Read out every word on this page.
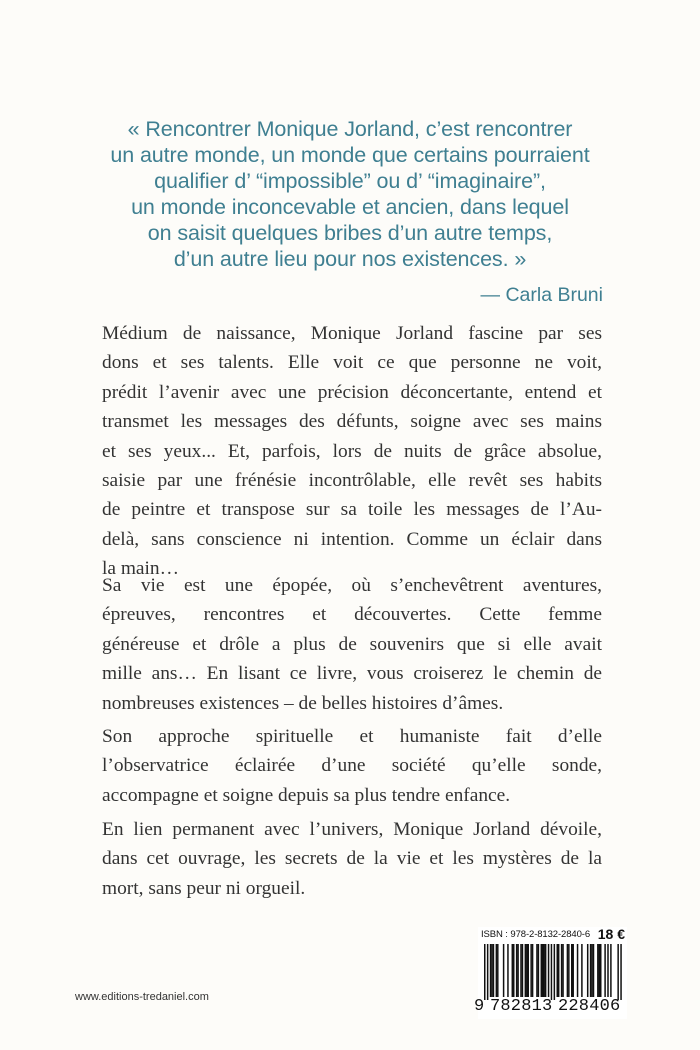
« Rencontrer Monique Jorland, c’est rencontrer
un autre monde, un monde que certains pourraient
qualifier d’ “impossible” ou d’ “imaginaire”,
un monde inconcevable et ancien, dans lequel
on saisit quelques bribes d’un autre temps,
d’un autre lieu pour nos existences. »
— Carla Bruni
Médium de naissance, Monique Jorland fascine par ses
dons et ses talents. Elle voit ce que personne ne voit,
prédit l’avenir avec une précision déconcertante, entend et
transmet les messages des défunts, soigne avec ses mains
et ses yeux... Et, parfois, lors de nuits de grâce absolue,
saisie par une frénésie incontrôlable, elle revêt ses habits
de peintre et transpose sur sa toile les messages de l’Au-
delà, sans conscience ni intention. Comme un éclair dans
la main…
Sa vie est une épopée, où s’enchevêtrent aventures,
épreuves, rencontres et découvertes. Cette femme
généreuse et drôle a plus de souvenirs que si elle avait
mille ans… En lisant ce livre, vous croiserez le chemin de
nombreuses existences – de belles histoires d’âmes.
Son approche spirituelle et humaniste fait d’elle
l’observatrice éclairée d’une société qu’elle sonde,
accompagne et soigne depuis sa plus tendre enfance.
En lien permanent avec l’univers, Monique Jorland dévoile,
dans cet ouvrage, les secrets de la vie et les mystères de la
mort, sans peur ni orgueil.
ISBN : 978-2-8132-2840-6 18 €
9 782813 228406
www.editions-tredaniel.com
